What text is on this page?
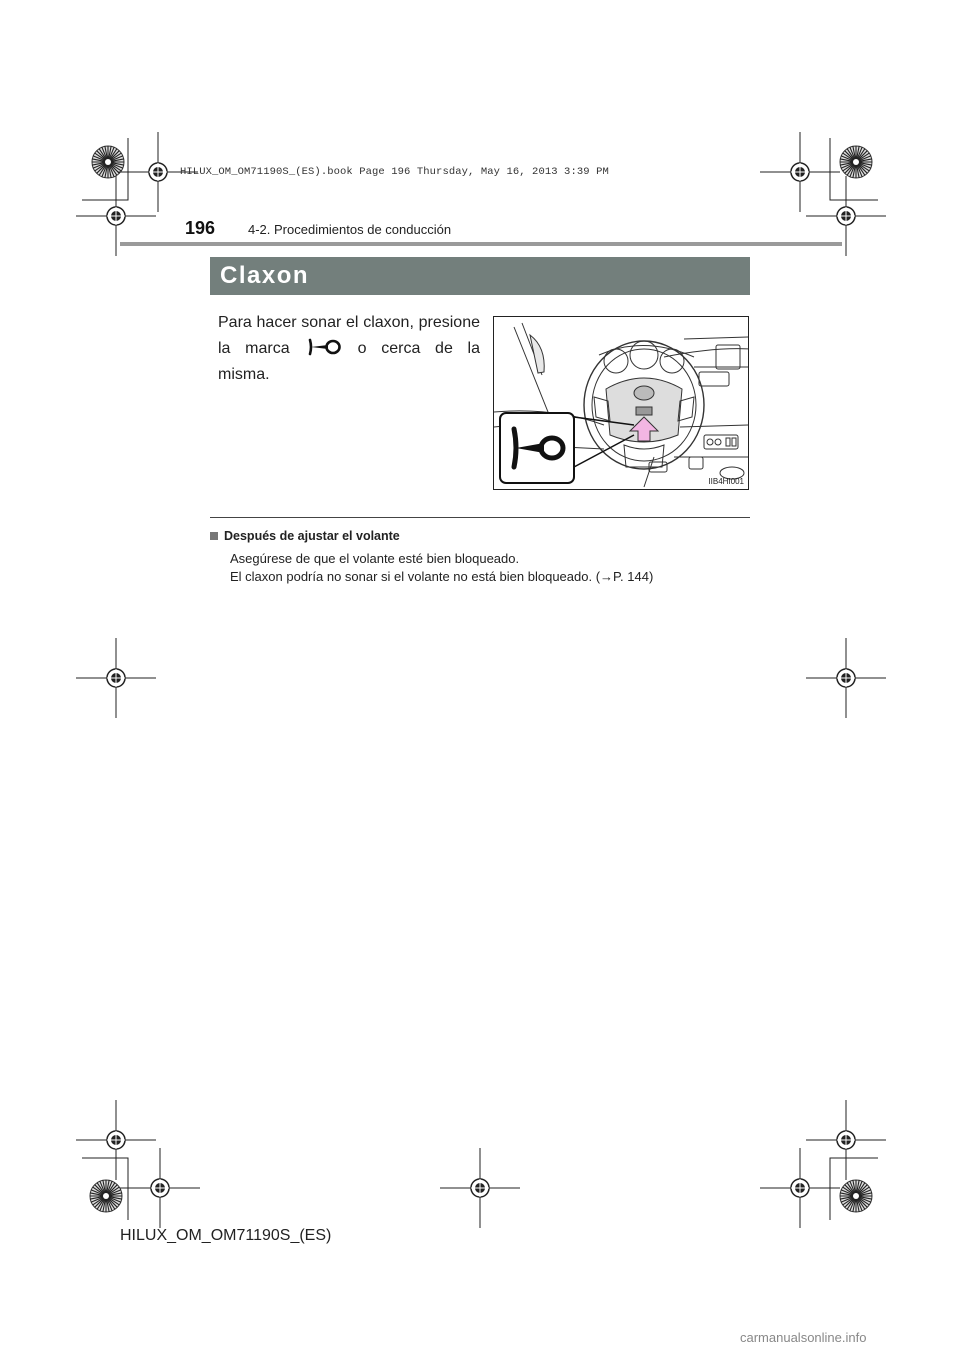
HILUX_OM_OM71190S_(ES).book Page 196 Thursday, May 16, 2013 3:39 PM
196	4-2. Procedimientos de conducción
Claxon

Para hacer sonar el claxon, presione

la marca	o cerca de la misma.

IIB4HI001
Después de ajustar el volante
Asegúrese de que el volante esté bien bloqueado.
El claxon podría no sonar si el volante no está bien bloqueado. (→P. 144)
HILUX_OM_OM71190S_(ES)
carmanualsonline.info
